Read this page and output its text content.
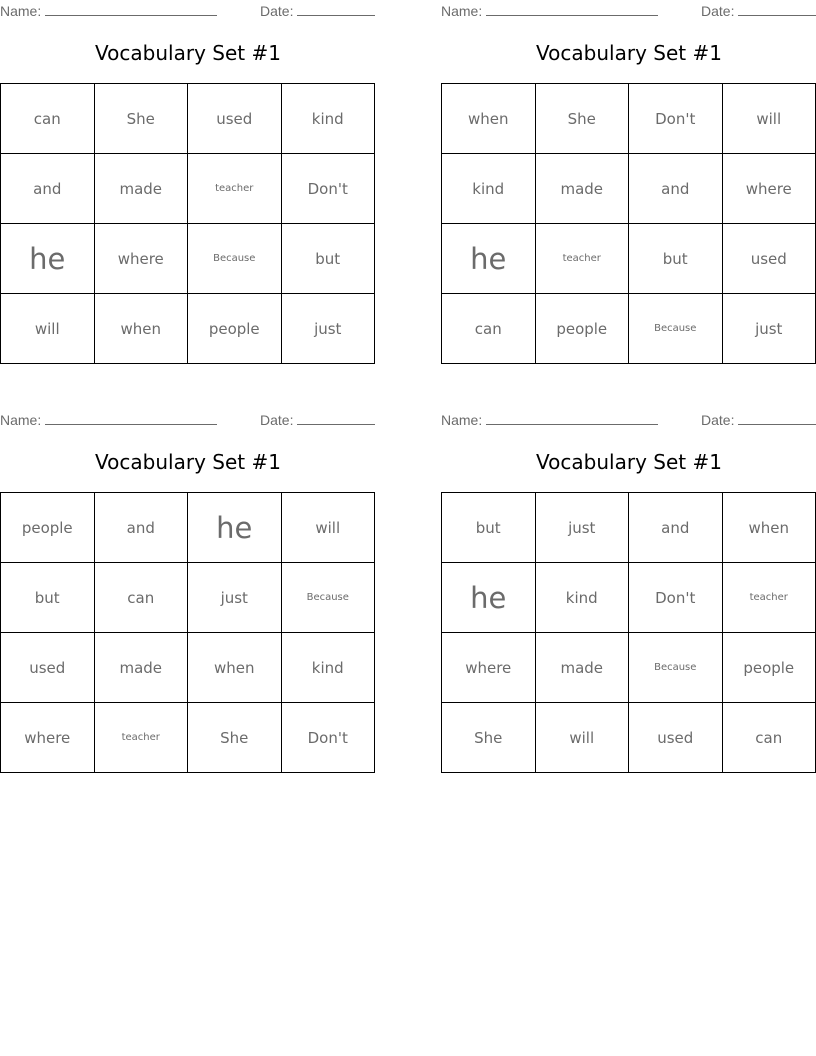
Name:	Date:
Vocabulary Set #1
can	She	used	kind
and	made	teacher	Don't
he	where	Because	but
will	when	people	just
Name:	Date:
Vocabulary Set #1
when	She	Don't	will
kind	made	and	where
he	teacher	but	used
can	people	Because	just
Name:	Date:
Vocabulary Set #1
people	and	he	will
but	can	just	Because
used	made	when	kind
where	teacher	She	Don't
Name:	Date:
Vocabulary Set #1
but	just	and	when
he	kind	Don't	teacher
where	made	Because	people
She	will	used	can
